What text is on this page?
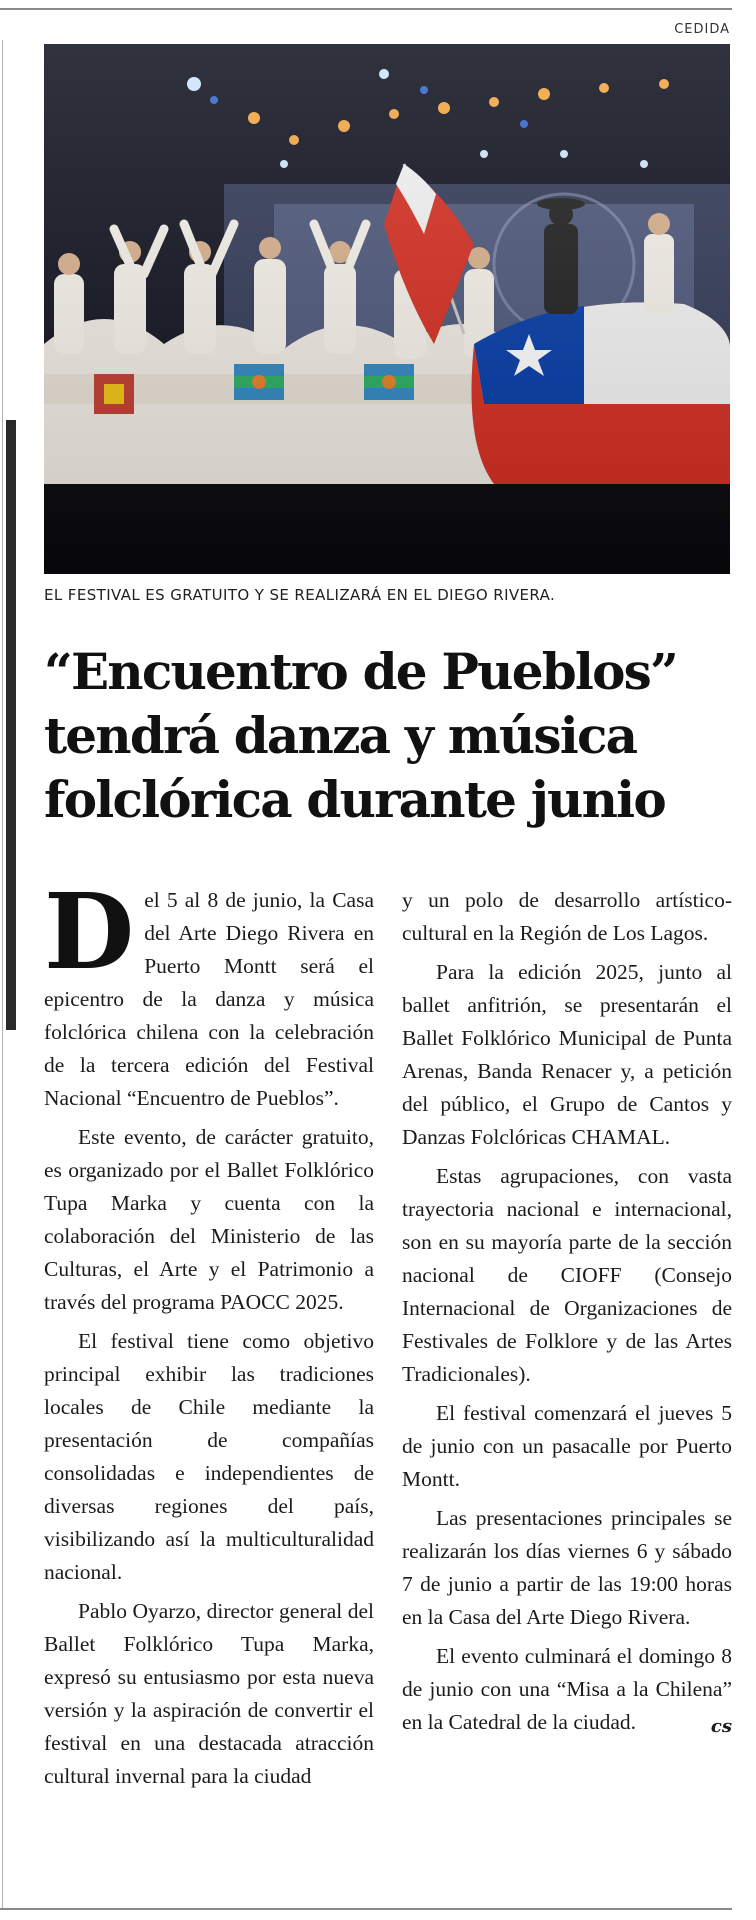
CEDIDA
EL FESTIVAL ES GRATUITO Y SE REALIZARÁ EN EL DIEGO RIVERA.
“Encuentro de Pueblos”
tendrá danza y música
folclórica durante junio

Del 5 al 8 de junio, la Casa del Arte Diego Rivera en Puerto Montt será el epicentro de la danza y música folclórica chilena con la celebración de la tercera edición del Festival Nacional “Encuentro de Pueblos”.

Este evento, de carácter gratuito, es organizado por el Ballet Folklórico Tupa Marka y cuenta con la colaboración del Ministerio de las Culturas, el Arte y el Patrimonio a través del programa PAOCC 2025.

El festival tiene como objetivo principal exhibir las tradiciones locales de Chile mediante la presentación de compañías consolidadas e independientes de diversas regiones del país, visibilizando así la multiculturalidad nacional.

Pablo Oyarzo, director general del Ballet Folklórico Tupa Marka, expresó su entusiasmo por esta nueva versión y la aspiración de convertir el festival en una destacada atracción cultural invernal para la ciudad

y un polo de desarrollo artístico-cultural en la Región de Los Lagos.

Para la edición 2025, junto al ballet anfitrión, se presentarán el Ballet Folklórico Municipal de Punta Arenas, Banda Renacer y, a petición del público, el Grupo de Cantos y Danzas Folclóricas CHAMAL.

Estas agrupaciones, con vasta trayectoria nacional e internacional, son en su mayoría parte de la sección nacional de CIOFF (Consejo Internacional de Organizaciones de Festivales de Folklore y de las Artes Tradicionales).

El festival comenzará el jueves 5 de junio con un pasacalle por Puerto Montt.

Las presentaciones principales se realizarán los días viernes 6 y sábado 7 de junio a partir de las 19:00 horas en la Casa del Arte Diego Rivera.

El evento culminará el domingo 8 de junio con una “Misa a la Chilena” en la Catedral de la ciudad.	cs
